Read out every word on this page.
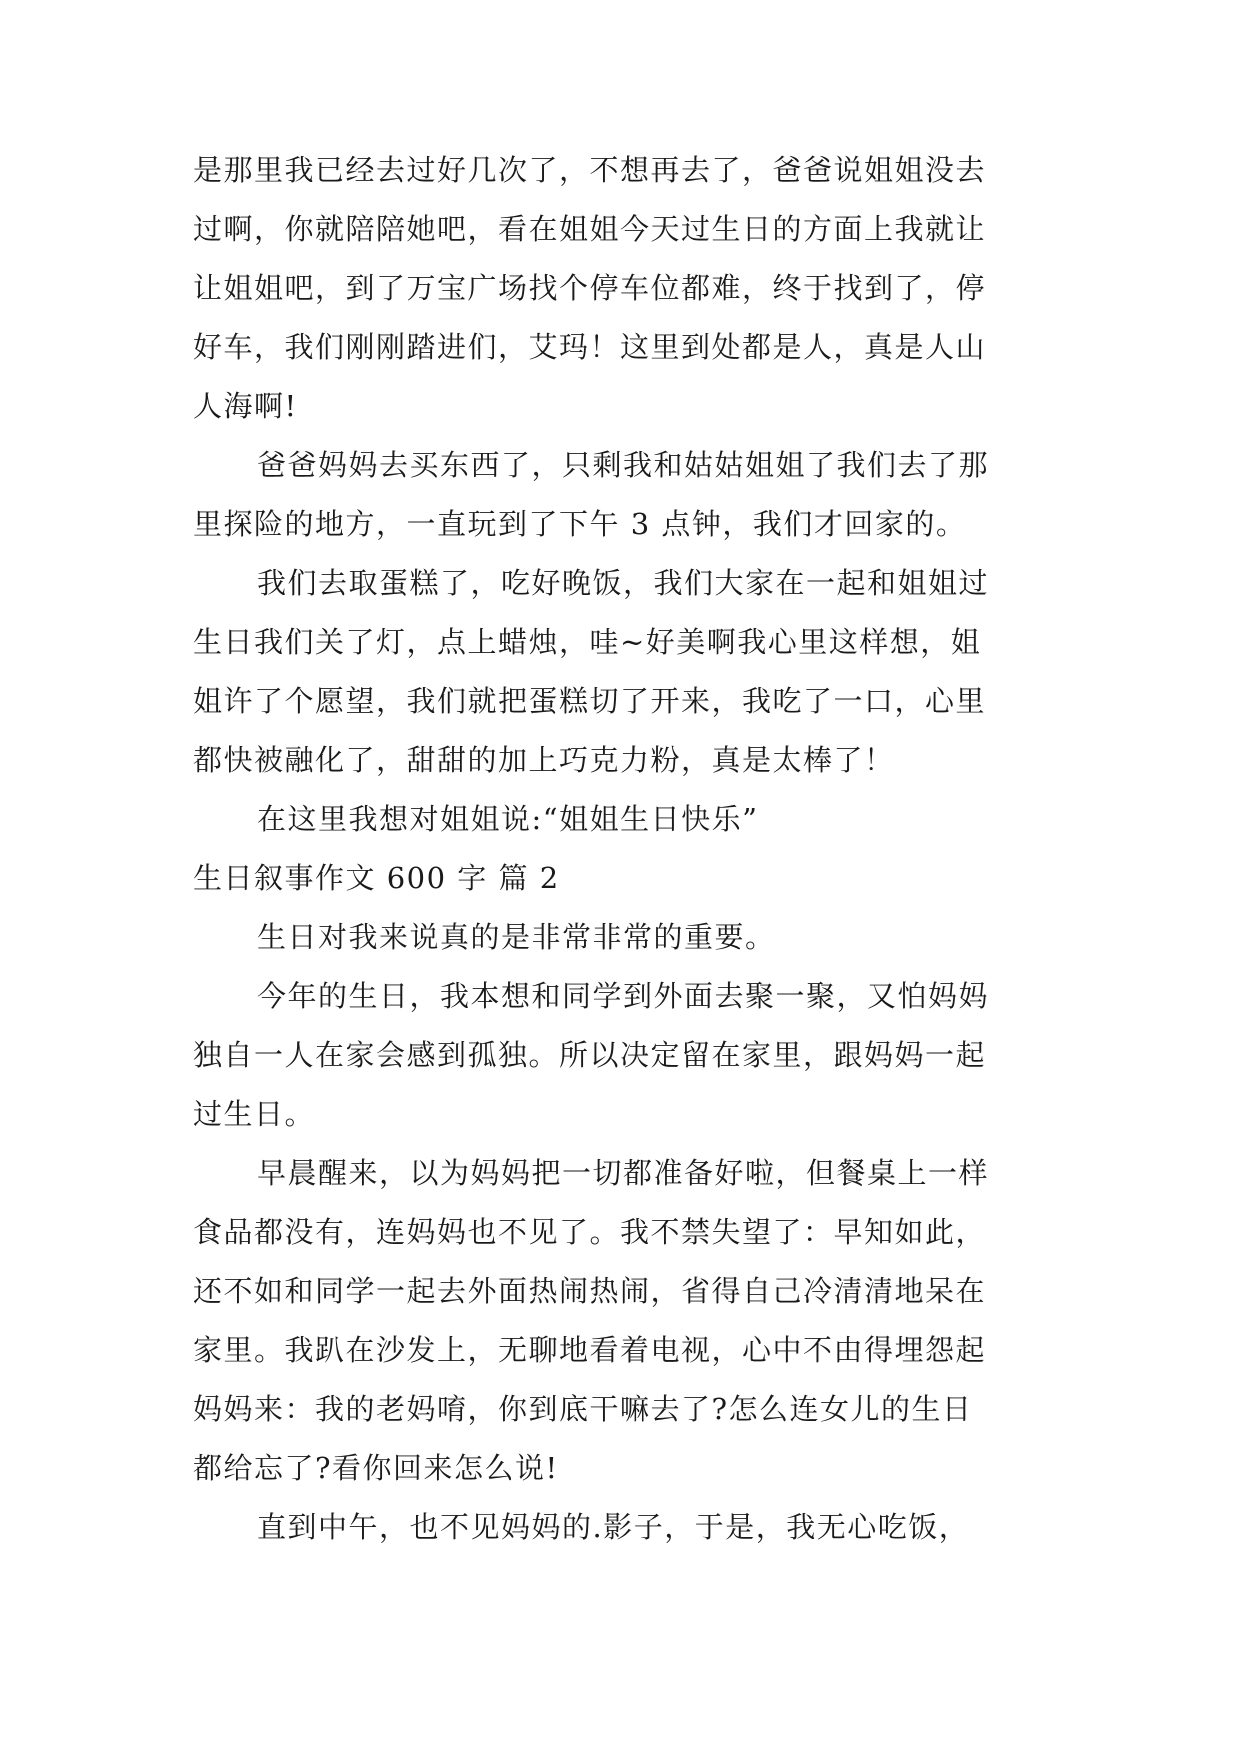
是那里我已经去过好几次了，不想再去了，爸爸说姐姐没去
过啊，你就陪陪她吧，看在姐姐今天过生日的方面上我就让
让姐姐吧，到了万宝广场找个停车位都难，终于找到了，停
好车，我们刚刚踏进们，艾玛！这里到处都是人，真是人山
人海啊!
爸爸妈妈去买东西了，只剩我和姑姑姐姐了我们去了那
里探险的地方，一直玩到了下午 3 点钟，我们才回家的。
我们去取蛋糕了，吃好晚饭，我们大家在一起和姐姐过
生日我们关了灯，点上蜡烛，哇~好美啊我心里这样想，姐
姐许了个愿望，我们就把蛋糕切了开来，我吃了一口，心里
都快被融化了，甜甜的加上巧克力粉，真是太棒了！
在这里我想对姐姐说:“姐姐生日快乐”
生日叙事作文 600 字 篇 2
生日对我来说真的是非常非常的重要。
今年的生日，我本想和同学到外面去聚一聚，又怕妈妈
独自一人在家会感到孤独。所以决定留在家里，跟妈妈一起
过生日。
早晨醒来，以为妈妈把一切都准备好啦，但餐桌上一样
食品都没有，连妈妈也不见了。我不禁失望了：早知如此，
还不如和同学一起去外面热闹热闹，省得自己冷清清地呆在
家里。我趴在沙发上，无聊地看着电视，心中不由得埋怨起
妈妈来：我的老妈唷，你到底干嘛去了?怎么连女儿的生日
都给忘了?看你回来怎么说!
直到中午，也不见妈妈的.影子，于是，我无心吃饭，
